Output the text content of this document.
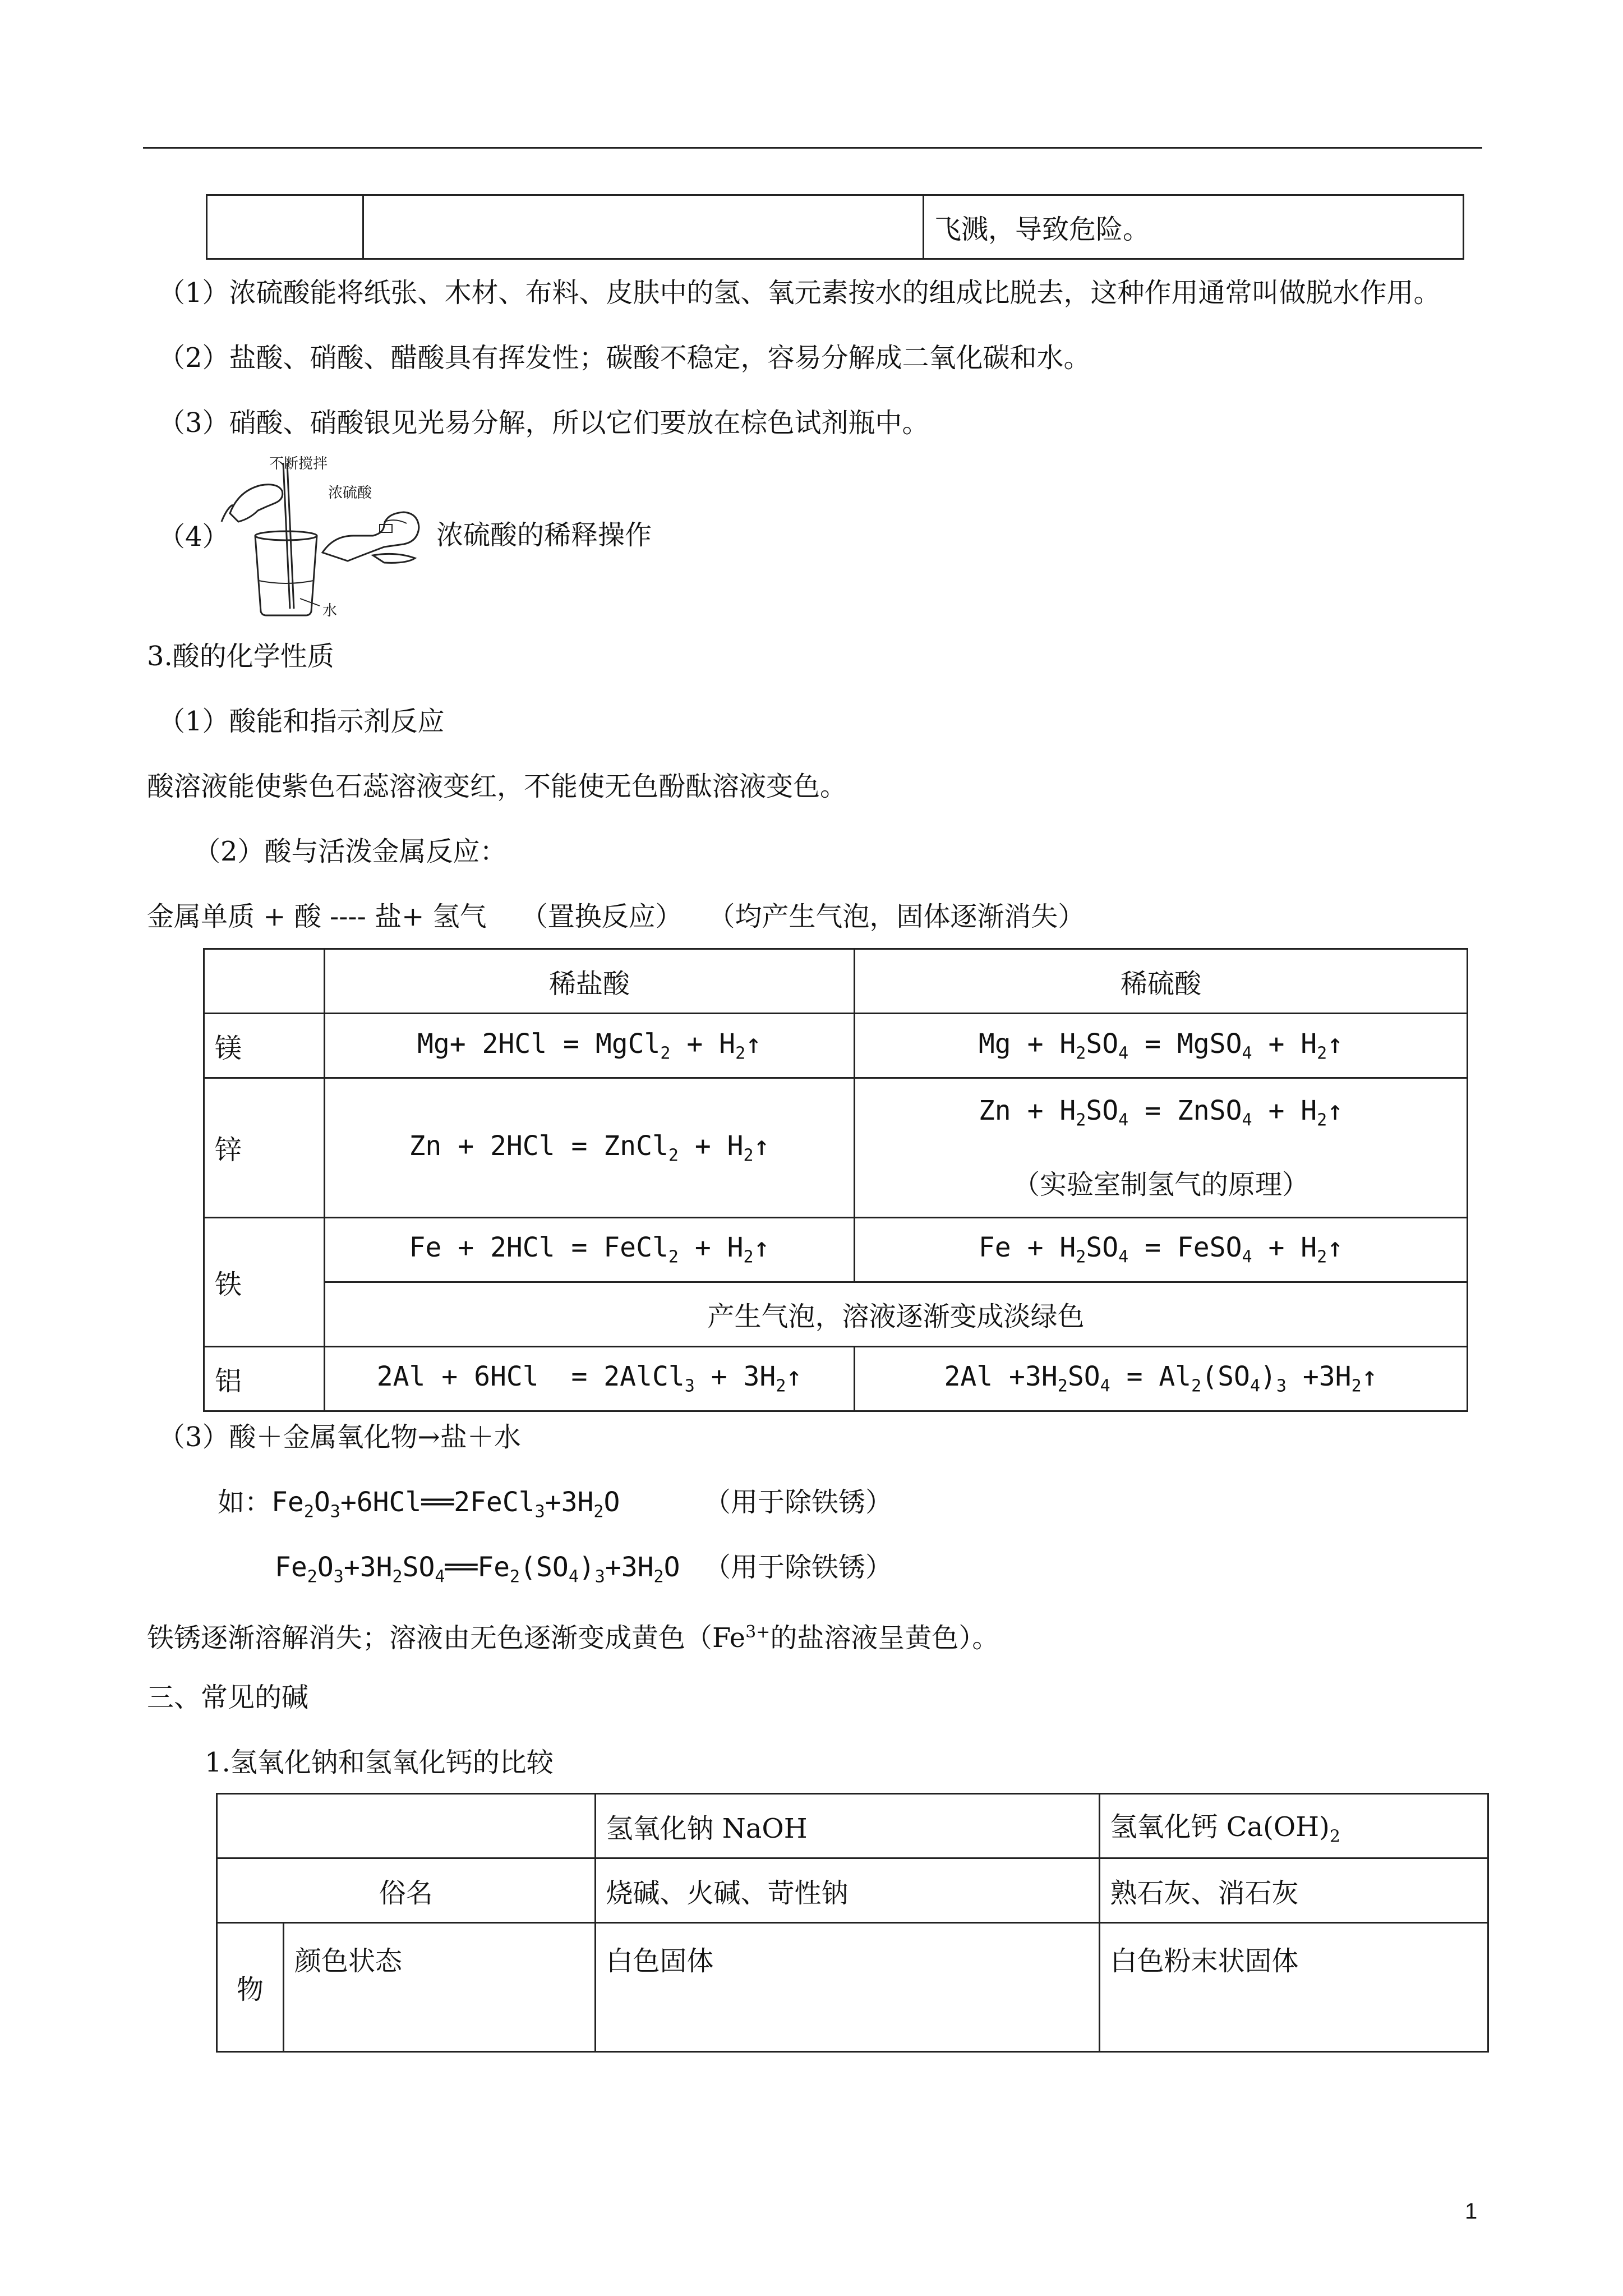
		飞溅，导致危险。
（1）浓硫酸能将纸张、木材、布料、皮肤中的氢、氧元素按水的组成比脱去，这种作用通常叫做脱水作用。
（2）盐酸、硝酸、醋酸具有挥发性；碳酸不稳定，容易分解成二氧化碳和水。
（3）硝酸、硝酸银见光易分解，所以它们要放在棕色试剂瓶中。
（4）
不断搅拌
浓硫酸
水
浓硫酸的稀释操作
3.酸的化学性质
（1）酸能和指示剂反应
酸溶液能使紫色石蕊溶液变红，不能使无色酚酞溶液变色。
（2）酸与活泼金属反应：
金属单质 + 酸 ---- 盐+ 氢气    （置换反应）   （均产生气泡，固体逐渐消失）
	稀盐酸	稀硫酸
镁	Mg+ 2HCl = MgCl$_2$ + $H_2↑$	$Mg + H_2SO_4$ = MgSO$_4$ + $H_2↑$
锌	Zn + 2HCl = ZnCl$_2$ + $H_2↑$	$Zn + H_2SO_4$ = ZnSO$_4$ + $H_2↑$
（实验室制氢气的原理）

铁	Fe + 2HCl = FeCl$_2$ + $H_2↑$	$Fe + H_2SO_4$ = FeSO$_4$ + $H_2↑$
	产生气泡，溶液逐渐变成淡绿色	
铝	2Al + 6HCl  = 2AlCl$_3$ + $3H_2↑$	$2Al +3H_2SO_4 = Al_2(SO_4)_3$ $+3H_2↑$
（3）酸＋金属氧化物→盐＋水
如：$Fe_2O_3+6HCl══2FeCl_3+3H_2O$	（用于除铁锈）
$Fe_2O_3+3H_2SO_4══Fe_2(SO_4)_3+3H_2O$ （用于除铁锈）
铁锈逐渐溶解消失；溶液由无色逐渐变成黄色（$Fe^{3+}$的盐溶液呈黄色）。
三、常见的碱
1.氢氧化钠和氢氧化钙的比较
		氢氧化钠 NaOH	氢氧化钙 $Ca(OH)_2$
俗名		烧碱、火碱、苛性钠	熟石灰、消石灰
物	颜色状态	白色固体	白色粉末状固体
1
